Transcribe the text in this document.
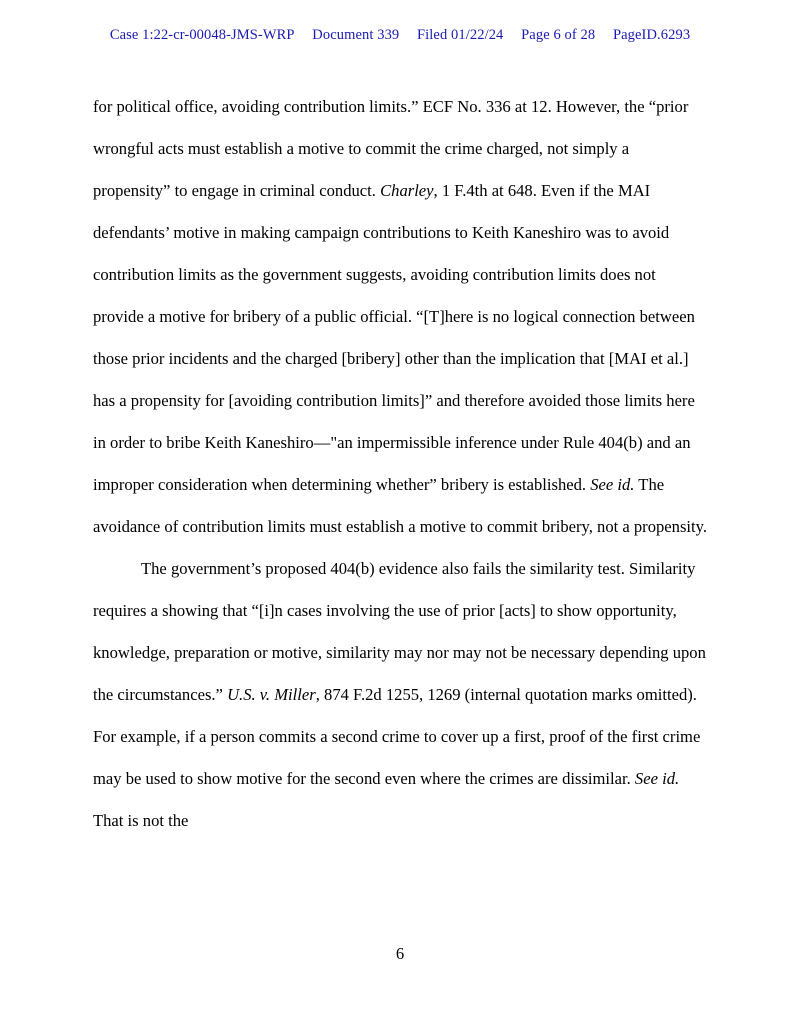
Case 1:22-cr-00048-JMS-WRP Document 339 Filed 01/22/24 Page 6 of 28 PageID.6293

for political office, avoiding contribution limits.” ECF No. 336 at 12. However, the “prior wrongful acts must establish a motive to commit the crime charged, not simply a propensity” to engage in criminal conduct. Charley, 1 F.4th at 648. Even if the MAI defendants’ motive in making campaign contributions to Keith Kaneshiro was to avoid contribution limits as the government suggests, avoiding contribution limits does not provide a motive for bribery of a public official. “[T]here is no logical connection between those prior incidents and the charged [bribery] other than the implication that [MAI et al.] has a propensity for [avoiding contribution limits]” and therefore avoided those limits here in order to bribe Keith Kaneshiro—"an impermissible inference under Rule 404(b) and an improper consideration when determining whether” bribery is established. See id. The avoidance of contribution limits must establish a motive to commit bribery, not a propensity.

The government’s proposed 404(b) evidence also fails the similarity test. Similarity requires a showing that “[i]n cases involving the use of prior [acts] to show opportunity, knowledge, preparation or motive, similarity may nor may not be necessary depending upon the circumstances.” U.S. v. Miller, 874 F.2d 1255, 1269 (internal quotation marks omitted). For example, if a person commits a second crime to cover up a first, proof of the first crime may be used to show motive for the second even where the crimes are dissimilar. See id. That is not the

6
